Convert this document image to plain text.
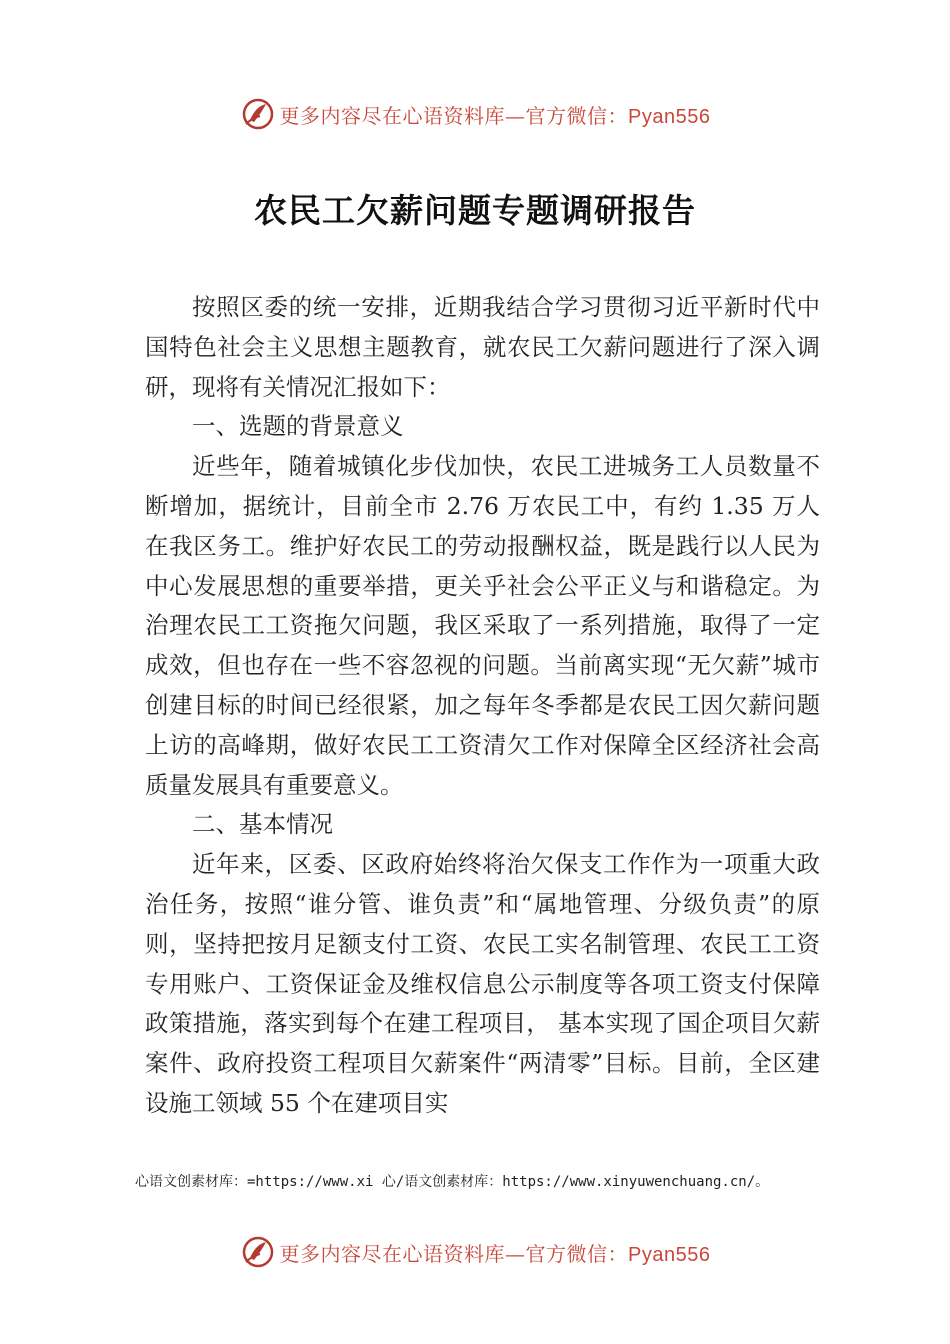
更多内容尽在心语资料库—官方微信：Pyan556
农民工欠薪问题专题调研报告

按照区委的统一安排，近期我结合学习贯彻习近平新时代中国特色社会主义思想主题教育，就农民工欠薪问题进行了深入调研，现将有关情况汇报如下：

一、选题的背景意义

近些年，随着城镇化步伐加快，农民工进城务工人员数量不断增加，据统计，目前全市 2.76 万农民工中，有约 1.35 万人在我区务工。维护好农民工的劳动报酬权益，既是践行以人民为中心发展思想的重要举措，更关乎社会公平正义与和谐稳定。为治理农民工工资拖欠问题，我区采取了一系列措施，取得了一定成效，但也存在一些不容忽视的问题。当前离实现“无欠薪”城市创建目标的时间已经很紧，加之每年冬季都是农民工因欠薪问题上访的高峰期，做好农民工工资清欠工作对保障全区经济社会高质量发展具有重要意义。

二、基本情况

近年来，区委、区政府始终将治欠保支工作作为一项重大政治任务，按照“谁分管、谁负责”和“属地管理、分级负责”的原则，坚持把按月足额支付工资、农民工实名制管理、农民工工资专用账户、工资保证金及维权信息公示制度等各项工资支付保障政策措施，落实到每个在建工程项目， 基本实现了国企项目欠薪案件、政府投资工程项目欠薪案件“两清零”目标。目前，全区建设施工领域 55 个在建项目实

心语文创素材库：=https://www.xi 心/语文创素材库：https://www.xinyuwenchuang.cn/。
更多内容尽在心语资料库—官方微信：Pyan556
